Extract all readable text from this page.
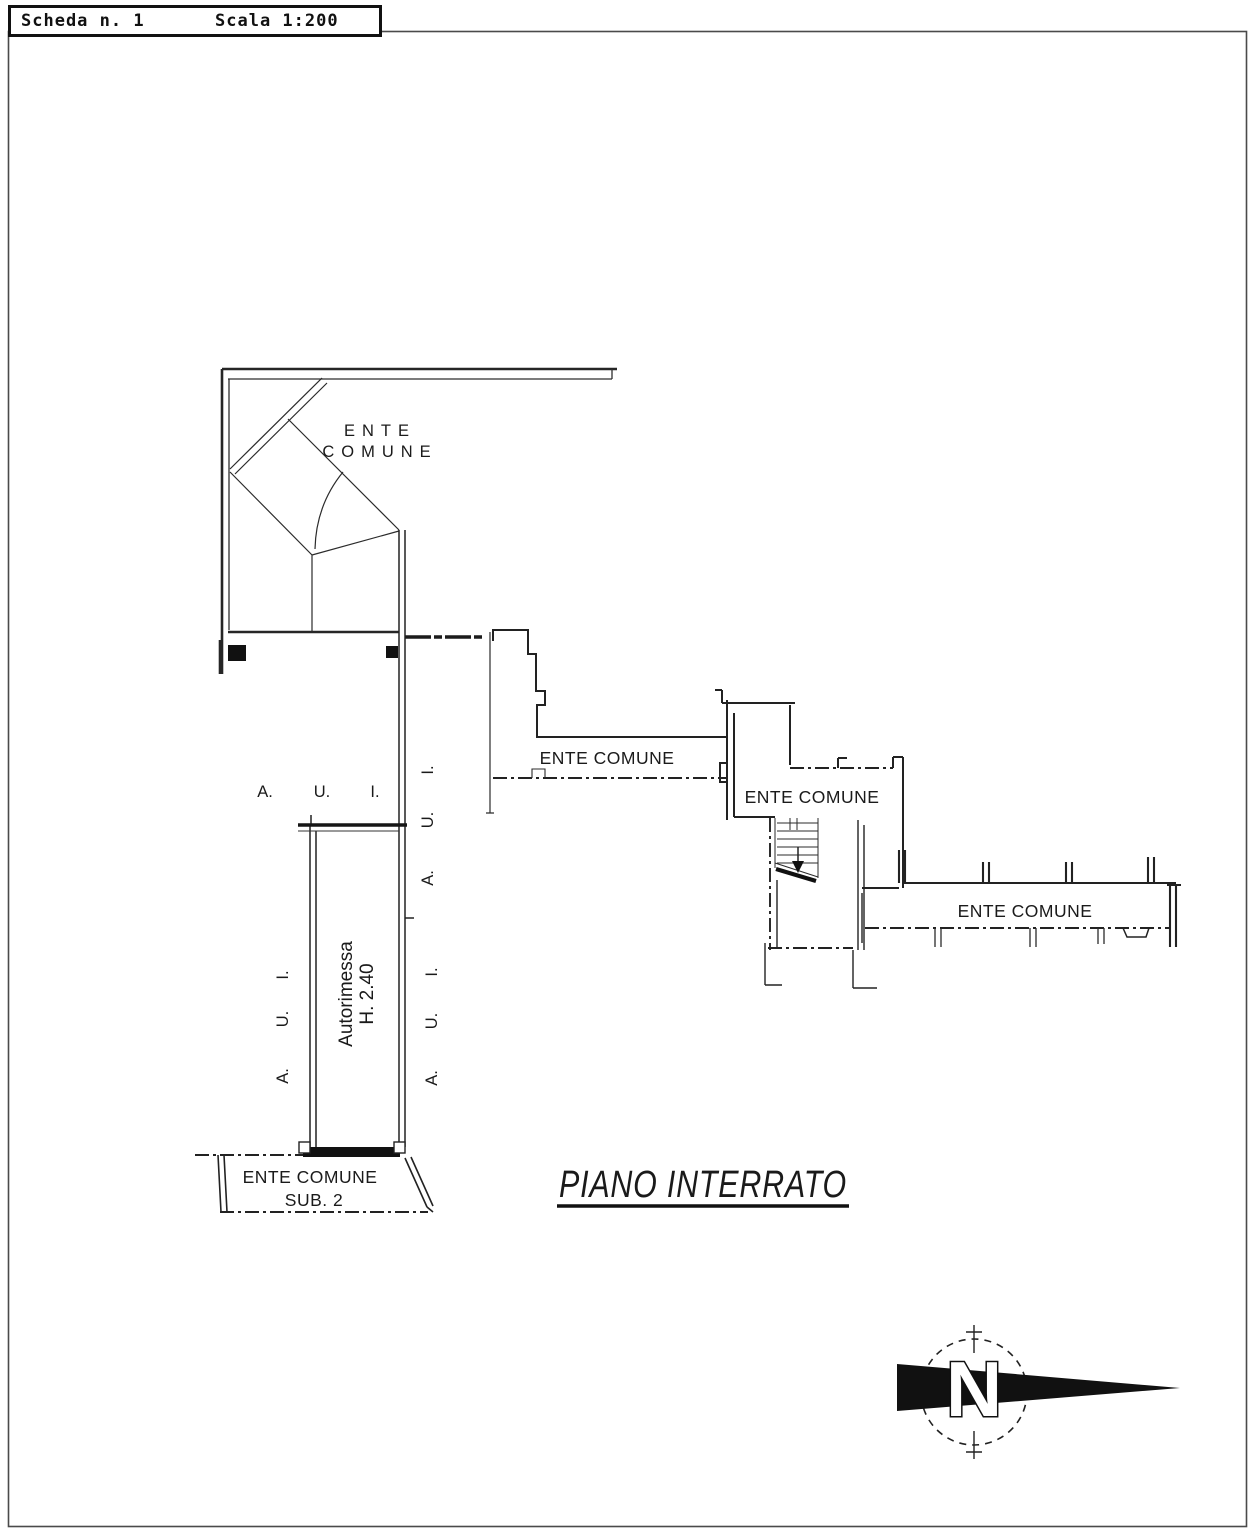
Scheda n. 1	Scala 1:200
ENTE
COMUNE
ENTE COMUNE
ENTE COMUNE
ENTE COMUNE
ENTE COMUNE
SUB. 2
A. U. I.
I.
U.
A.
I.
U.
A.
I.
U.
A.
Autorimessa H. 2.40
PIANO INTERRATO
N
